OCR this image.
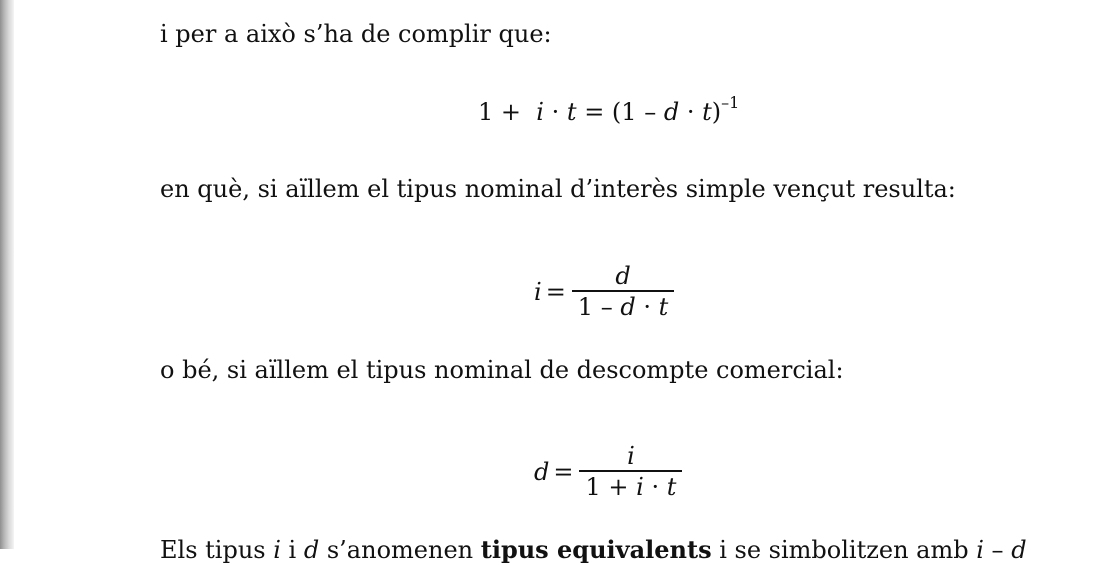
i per a això s’ha de complir que:

$1 + i \cdot t = (1 - d \cdot t)^{-1}$

en què, si aïllem el tipus nominal d’interès simple vençut resulta:

$i = \frac{d}{1 - d \cdot t}$

o bé, si aïllem el tipus nominal de descompte comercial:

$d = \frac{i}{1 + i \cdot t}$

Els tipus i i d s’anomenen tipus equivalents i se simbolitzen amb i – d
